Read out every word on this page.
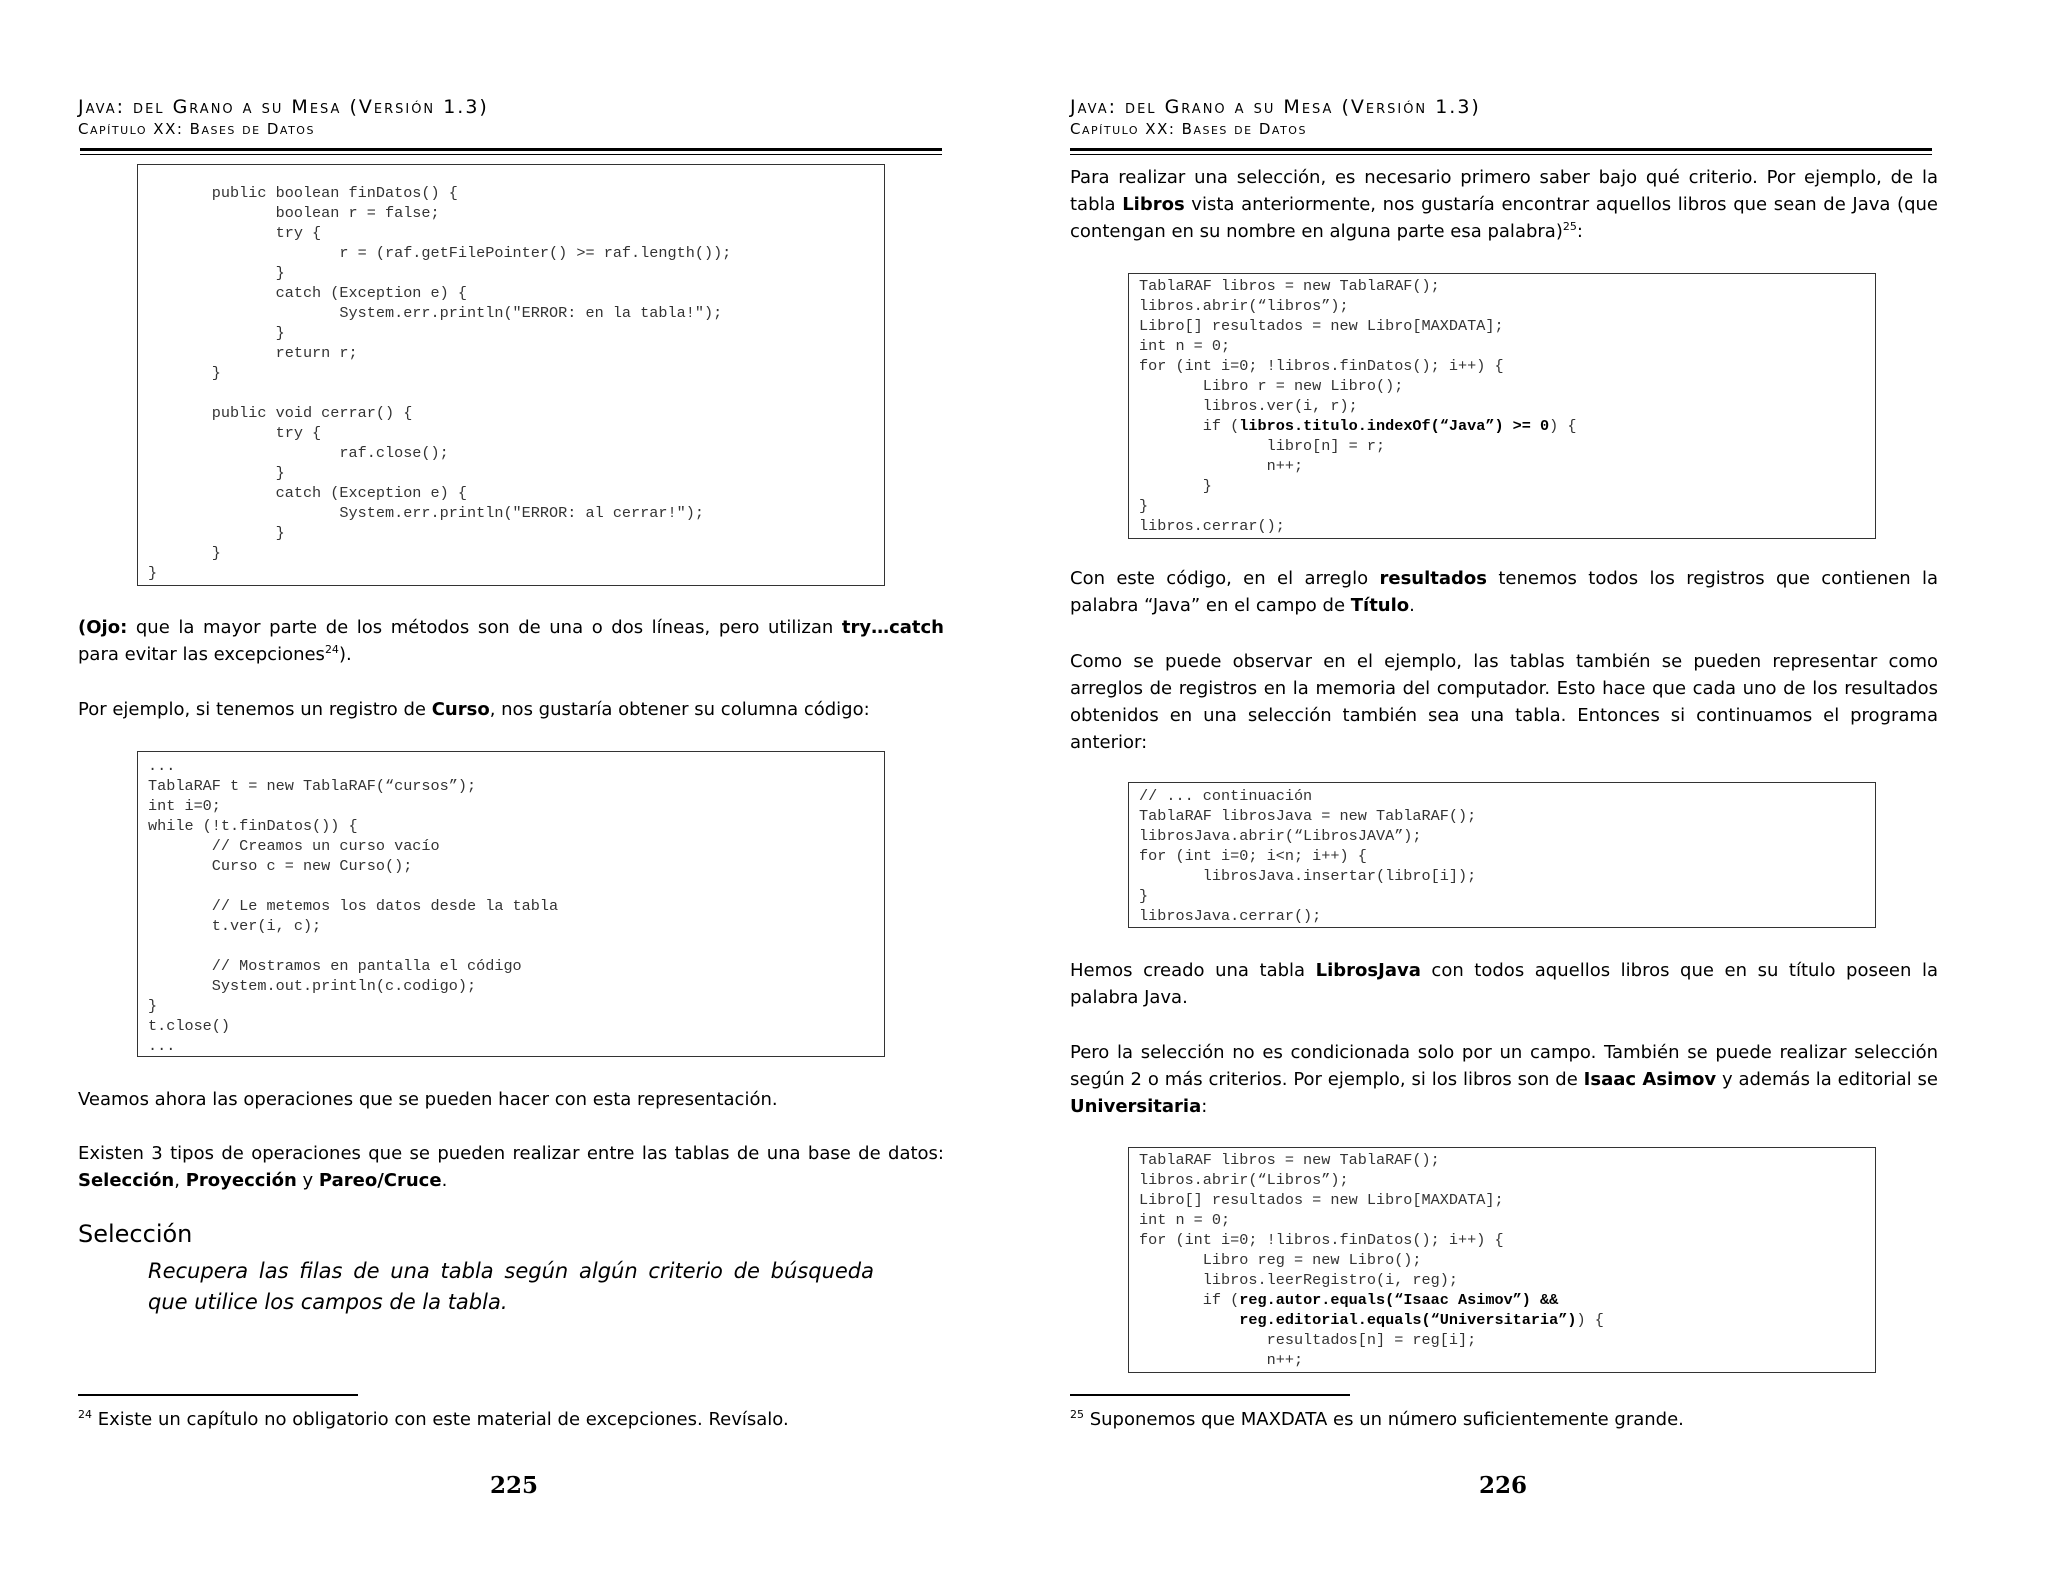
Java: del Grano a su Mesa (Versión 1.3)
Capítulo XX: Bases de Datos
public boolean finDatos() {
boolean r = false;
try {
r = (raf.getFilePointer() >= raf.length());
}
catch (Exception e) {
System.err.println("ERROR: en la tabla!");
}
return r;
}

public void cerrar() {
try {
raf.close();
}
catch (Exception e) {
System.err.println("ERROR: al cerrar!");
}
}
}

(Ojo: que la mayor parte de los métodos son de una o dos líneas, pero utilizan try…catch para evitar las excepciones$^{24}$).

Por ejemplo, si tenemos un registro de Curso, nos gustaría obtener su columna código:

...
TablaRAF t = new TablaRAF(“cursos”);
int i=0;
while (!t.finDatos()) {
// Creamos un curso vacío
Curso c = new Curso();

// Le metemos los datos desde la tabla
t.ver(i, c);

// Mostramos en pantalla el código
System.out.println(c.codigo);
}
t.close()
...

Veamos ahora las operaciones que se pueden hacer con esta representación.

Existen 3 tipos de operaciones que se pueden realizar entre las tablas de una base de datos: Selección, Proyección y Pareo/Cruce.

Selección

Recupera las filas de una tabla según algún criterio de búsqueda que utilice los campos de la tabla.

$^{24}$ Existe un capítulo no obligatorio con este material de excepciones. Revísalo.

225

Java: del Grano a su Mesa (Versión 1.3)
Capítulo XX: Bases de Datos

Para realizar una selección, es necesario primero saber bajo qué criterio. Por ejemplo, de la tabla Libros vista anteriormente, nos gustaría encontrar aquellos libros que sean de Java (que contengan en su nombre en alguna parte esa palabra)$^{25}$:

TablaRAF libros = new TablaRAF();
libros.abrir(“libros”);
Libro[] resultados = new Libro[MAXDATA];
int n = 0;
for (int i=0; !libros.finDatos(); i++) {
Libro r = new Libro();
libros.ver(i, r);
if (libros.titulo.indexOf(“Java”) >= 0) {
libro[n] = r;
n++;
}
}
libros.cerrar();

Con este código, en el arreglo resultados tenemos todos los registros que contienen la palabra “Java” en el campo de Título.

Como se puede observar en el ejemplo, las tablas también se pueden representar como arreglos de registros en la memoria del computador. Esto hace que cada uno de los resultados obtenidos en una selección también sea una tabla. Entonces si continuamos el programa anterior:

// ... continuación
TablaRAF librosJava = new TablaRAF();
librosJava.abrir(“LibrosJAVA”);
for (int i=0; i<n; i++) {
librosJava.insertar(libro[i]);
}
librosJava.cerrar();

Hemos creado una tabla LibrosJava con todos aquellos libros que en su título poseen la palabra Java.

Pero la selección no es condicionada solo por un campo. También se puede realizar selección según 2 o más criterios. Por ejemplo, si los libros son de Isaac Asimov y además la editorial se Universitaria:

TablaRAF libros = new TablaRAF();
libros.abrir(“Libros”);
Libro[] resultados = new Libro[MAXDATA];
int n = 0;
for (int i=0; !libros.finDatos(); i++) {
Libro reg = new Libro();
libros.leerRegistro(i, reg);
if (reg.autor.equals(“Isaac Asimov”) &&
reg.editorial.equals(“Universitaria”)) {
resultados[n] = reg[i];
n++;

$^{25}$ Suponemos que MAXDATA es un número suficientemente grande.

226
